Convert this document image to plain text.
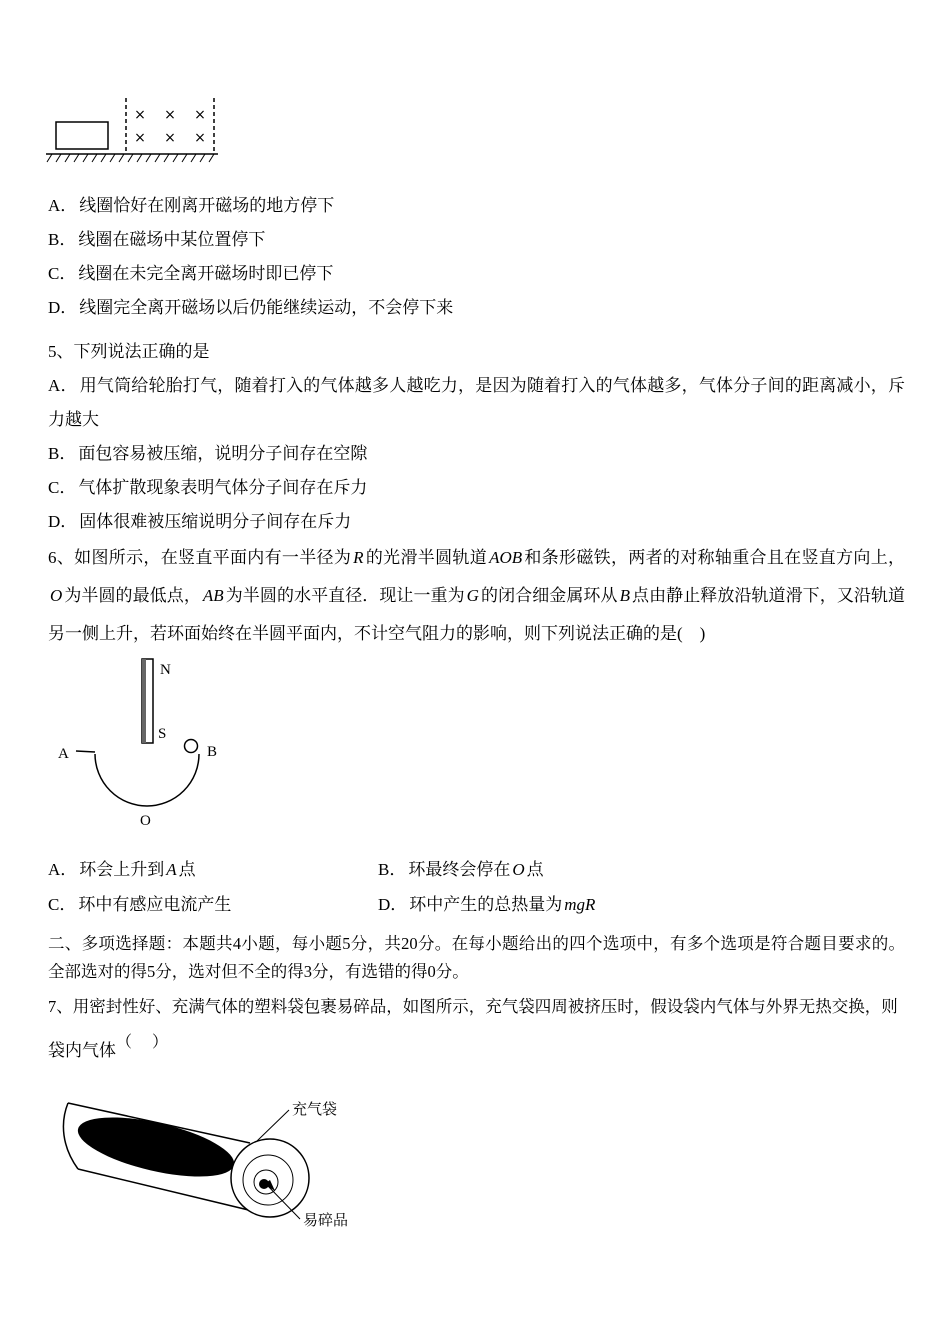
× × ×
× × ×

A． 线圈恰好在刚离开磁场的地方停下

B． 线圈在磁场中某位置停下

C． 线圈在未完全离开磁场时即已停下

D． 线圈完全离开磁场以后仍能继续运动，不会停下来

5、下列说法正确的是

A． 用气筒给轮胎打气，随着打入的气体越多人越吃力，是因为随着打入的气体越多，气体分子间的距离减小，斥力越大

B． 面包容易被压缩，说明分子间存在空隙

C． 气体扩散现象表明气体分子间存在斥力

D． 固体很难被压缩说明分子间存在斥力

6、如图所示，在竖直平面内有一半径为 R 的光滑半圆轨道 AOB 和条形磁铁，两者的对称轴重合且在竖直方向上，O 为半圆的最低点， AB 为半圆的水平直径．现让一重为 G 的闭合细金属环从 B 点由静止释放沿轨道滑下，又沿轨道另一侧上升，若环面始终在半圆平面内，不计空气阻力的影响，则下列说法正确的是(　)

N
S
A	B
O

A． 环会上升到 A 点	B． 环最终会停在 O 点

C． 环中有感应电流产生	D． 环中产生的总热量为 mgR

二、多项选择题：本题共4小题，每小题5分，共20分。在每小题给出的四个选项中，有多个选项是符合题目要求的。全部选对的得5分，选对但不全的得3分，有选错的得0分。

7、用密封性好、充满气体的塑料袋包裹易碎品，如图所示，充气袋四周被挤压时，假设袋内气体与外界无热交换，则

袋内气体（　）

充气袋
易碎品
